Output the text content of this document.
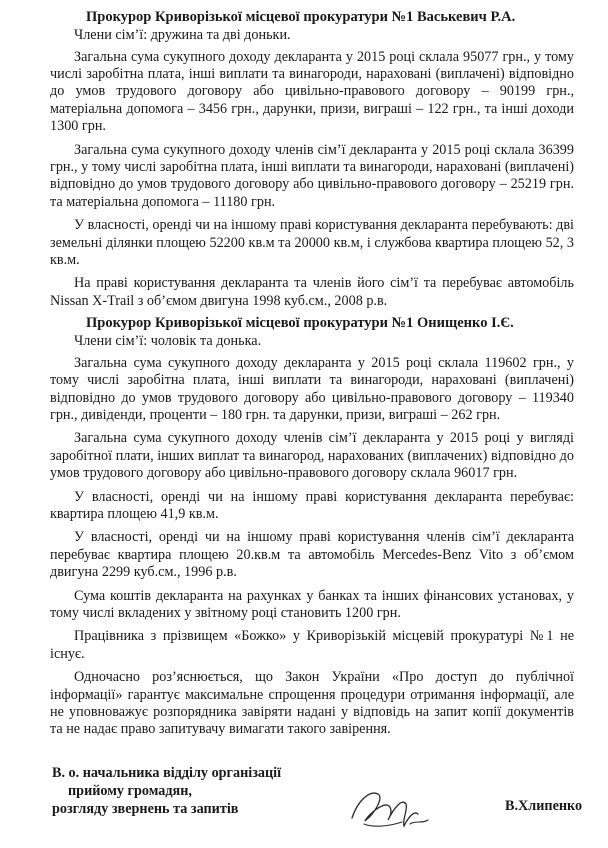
Прокурор Криворізької місцевої прокуратури №1 Васькевич Р.А.
Члени сім’ї: дружина та дві доньки.

Загальна сума сукупного доходу декларанта у 2015 році склала 95077 грн., у тому числі заробітна плата, інші виплати та винагороди, нараховані (виплачені) відповідно до умов трудового договору або цивільно-правового договору – 90199 грн., матеріальна допомога – 3456 грн., дарунки, призи, виграші – 122 грн., та інші доходи 1300 грн.

Загальна сума сукупного доходу членів сім’ї декларанта у 2015 році склала 36399 грн., у тому числі заробітна плата, інші виплати та винагороди, нараховані (виплачені) відповідно до умов трудового договору або цивільно-правового договору – 25219 грн. та матеріальна допомога – 11180 грн.

У власності, оренді чи на іншому праві користування декларанта перебувають: дві земельні ділянки площею 52200 кв.м та 20000 кв.м, і службова квартира площею 52, 3 кв.м.

На праві користування декларанта та членів його сім’ї та перебуває автомобіль Nissan X-Trail з об’ємом двигуна 1998 куб.см., 2008 р.в.

Прокурор Криворізької місцевої прокуратури №1 Онищенко І.Є.
Члени сім’ї: чоловік та донька.

Загальна сума сукупного доходу декларанта у 2015 році склала 119602 грн., у тому числі заробітна плата, інші виплати та винагороди, нараховані (виплачені) відповідно до умов трудового договору або цивільно-правового договору – 119340 грн., дивіденди, проценти – 180 грн. та дарунки, призи, виграші – 262 грн.

Загальна сума сукупного доходу членів сім’ї декларанта у 2015 році у вигляді заробітної плати, інших виплат та винагород, нарахованих (виплачених) відповідно до умов трудового договору або цивільно-правового договору склала 96017 грн.

У власності, оренді чи на іншому праві користування декларанта перебуває: квартира площею 41,9 кв.м.

У власності, оренді чи на іншому праві користування членів сім’ї декларанта перебуває квартира площею 20.кв.м та автомобіль Mercedes-Benz Vito з об’ємом двигуна 2299 куб.см., 1996 р.в.

Сума коштів декларанта на рахунках у банках та інших фінансових установах, у тому числі вкладених у звітному році становить 1200 грн.

Працівника з прізвищем «Божко» у Криворізькій місцевій прокуратурі №1 не існує.

Одночасно роз’яснюється, що Закон України «Про доступ до публічної інформації» гарантує максимальне спрощення процедури отримання інформації, але не уповноважує розпорядника завіряти надані у відповідь на запит копії документів та не надає право запитувачу вимагати такого завірення.

В. о. начальника відділу організації
прийому громадян,
розгляду звернень та запитів	В.Хлипенко
